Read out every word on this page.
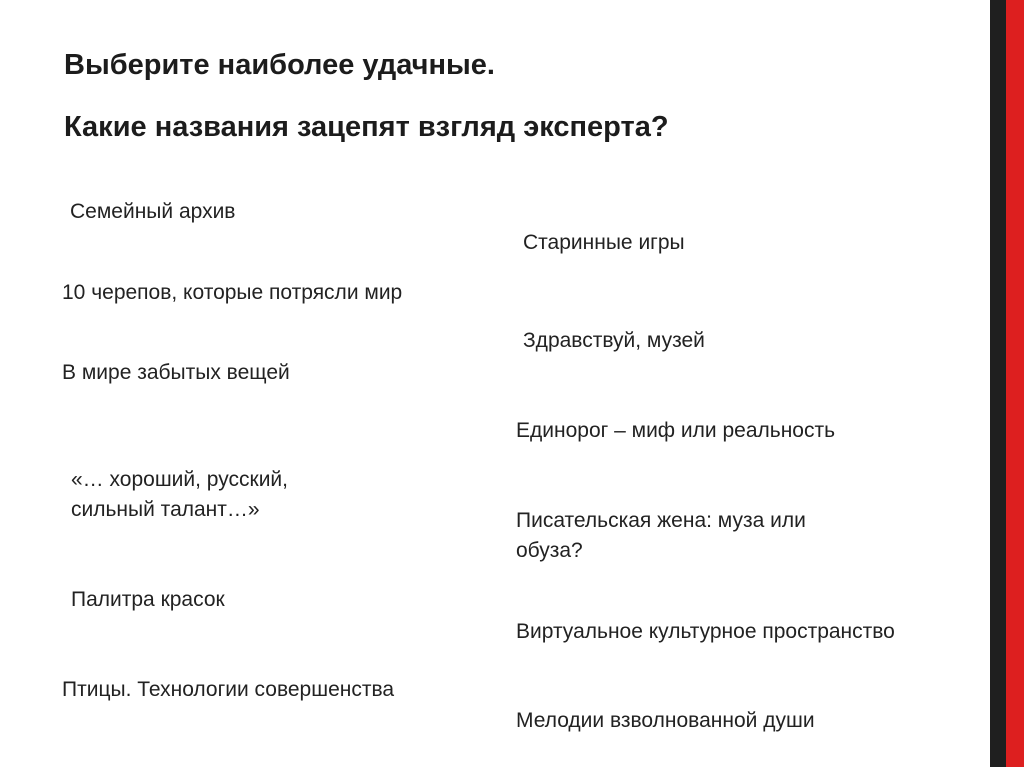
Выберите наиболее удачные.
Какие названия зацепят взгляд эксперта?

Семейный архив

10 черепов, которые потрясли мир

В мире забытых вещей

«… хороший, русский,
сильный талант…»

Палитра красок

Птицы. Технологии совершенства

Старинные игры

Здравствуй, музей

Единорог – миф или реальность

Писательская жена: муза или
обуза?

Виртуальное культурное пространство

Мелодии взволнованной души
